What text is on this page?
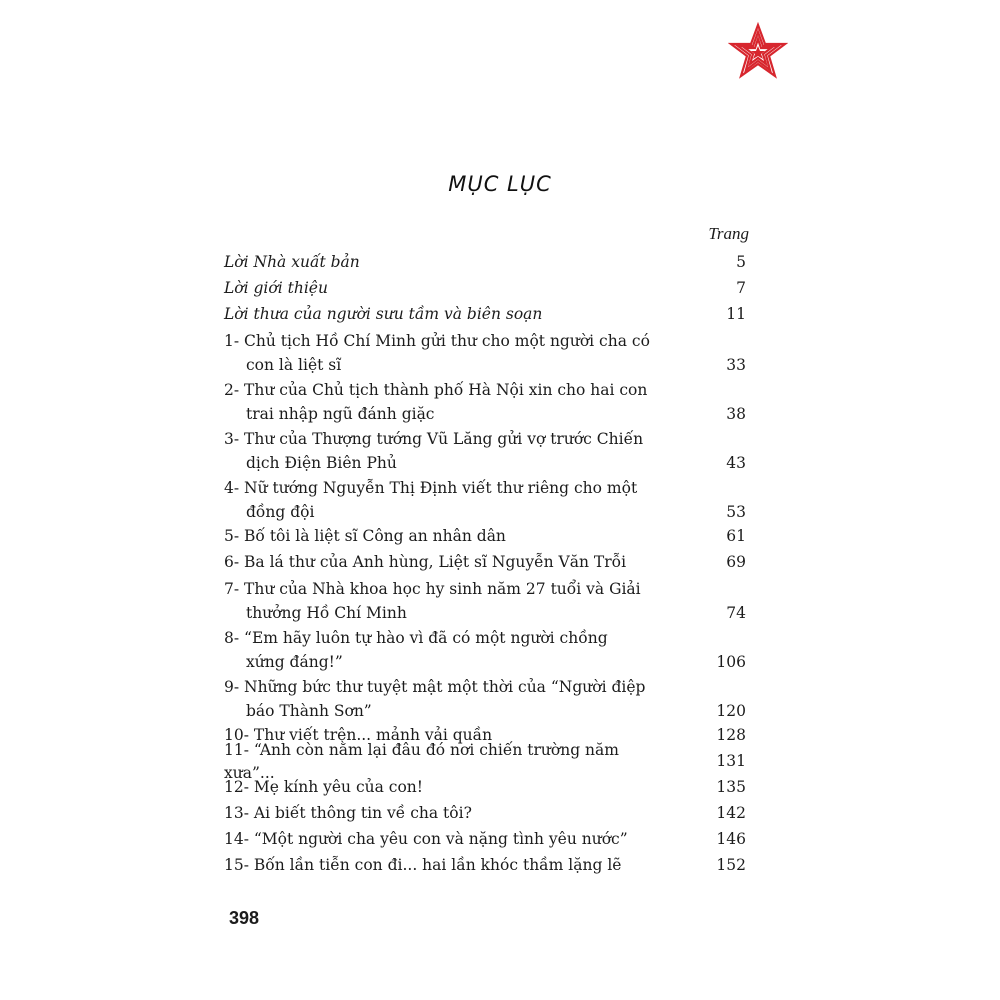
MỤC LỤC
Trang
Lời Nhà xuất bản	5
Lời giới thiệu	7
Lời thưa của người sưu tầm và biên soạn	11
1- Chủ tịch Hồ Chí Minh gửi thư cho một người cha có
con là liệt sĩ	33
2- Thư của Chủ tịch thành phố Hà Nội xin cho hai con
trai nhập ngũ đánh giặc	38
3- Thư của Thượng tướng Vũ Lăng gửi vợ trước Chiến
dịch Điện Biên Phủ	43
4- Nữ tướng Nguyễn Thị Định viết thư riêng cho một
đồng đội	53
5- Bố tôi là liệt sĩ Công an nhân dân	61
6- Ba lá thư của Anh hùng, Liệt sĩ Nguyễn Văn Trỗi	69
7- Thư của Nhà khoa học hy sinh năm 27 tuổi và Giải
thưởng Hồ Chí Minh	74
8- “Em hãy luôn tự hào vì đã có một người chồng
xứng đáng!”	106
9- Những bức thư tuyệt mật một thời của “Người điệp
báo Thành Sơn”	120
10- Thư viết trên... mảnh vải quần	128
11- “Anh còn nằm lại đâu đó nơi chiến trường năm xưa”...
131
12- Mẹ kính yêu của con!	135
13- Ai biết thông tin về cha tôi?	142
14- “Một người cha yêu con và nặng tình yêu nước”	146
15- Bốn lần tiễn con đi... hai lần khóc thầm lặng lẽ	152
398
